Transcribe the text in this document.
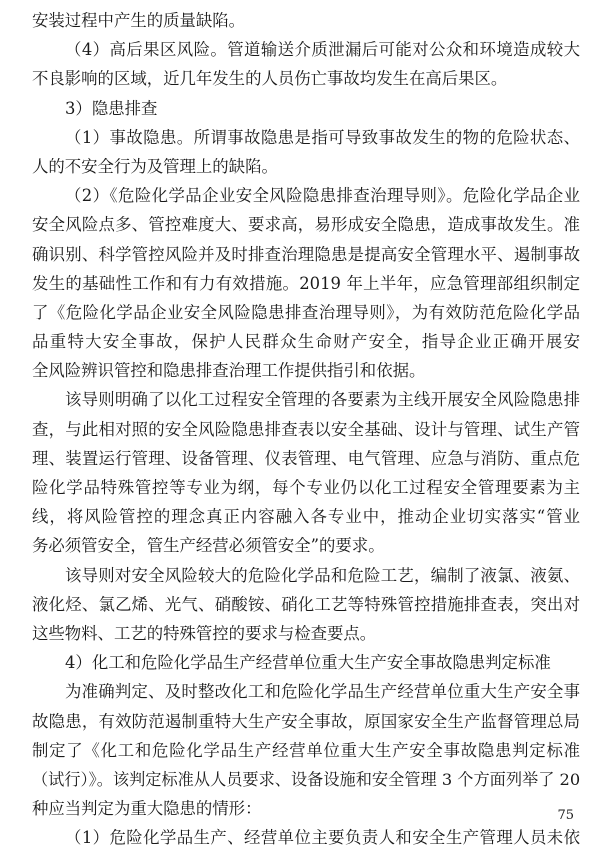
安装过程中产生的质量缺陷。
（4）高后果区风险。管道输送介质泄漏后可能对公众和环境造成较大
不良影响的区域，近几年发生的人员伤亡事故均发生在高后果区。
3）隐患排查
（1）事故隐患。所谓事故隐患是指可导致事故发生的物的危险状态、
人的不安全行为及管理上的缺陷。
（2）《危险化学品企业安全风险隐患排查治理导则》。危险化学品企业
安全风险点多、管控难度大、要求高，易形成安全隐患，造成事故发生。准
确识别、科学管控风险并及时排查治理隐患是提高安全管理水平、遏制事故
发生的基础性工作和有力有效措施。2019 年上半年，应急管理部组织制定
了《危险化学品企业安全风险隐患排查治理导则》，为有效防范危险化学品
品重特大安全事故，保护人民群众生命财产安全，指导企业正确开展安
全风险辨识管控和隐患排查治理工作提供指引和依据。
该导则明确了以化工过程安全管理的各要素为主线开展安全风险隐患排
查，与此相对照的安全风险隐患排查表以安全基础、设计与管理、试生产管
理、装置运行管理、设备管理、仪表管理、电气管理、应急与消防、重点危
险化学品特殊管控等专业为纲，每个专业仍以化工过程安全管理要素为主
线，将风险管控的理念真正内容融入各专业中，推动企业切实落实“管业
务必须管安全，管生产经营必须管安全”的要求。
该导则对安全风险较大的危险化学品和危险工艺，编制了液氯、液氨、
液化烃、氯乙烯、光气、硝酸铵、硝化工艺等特殊管控措施排查表，突出对
这些物料、工艺的特殊管控的要求与检查要点。
4）化工和危险化学品生产经营单位重大生产安全事故隐患判定标准
为准确判定、及时整改化工和危险化学品生产经营单位重大生产安全事
故隐患，有效防范遏制重特大生产安全事故，原国家安全生产监督管理总局
制定了《化工和危险化学品生产经营单位重大生产安全事故隐患判定标准
（试行）》。该判定标准从人员要求、设备设施和安全管理 3 个方面列举了 20
种应当判定为重大隐患的情形：
（1）危险化学品生产、经营单位主要负责人和安全生产管理人员未依
75
